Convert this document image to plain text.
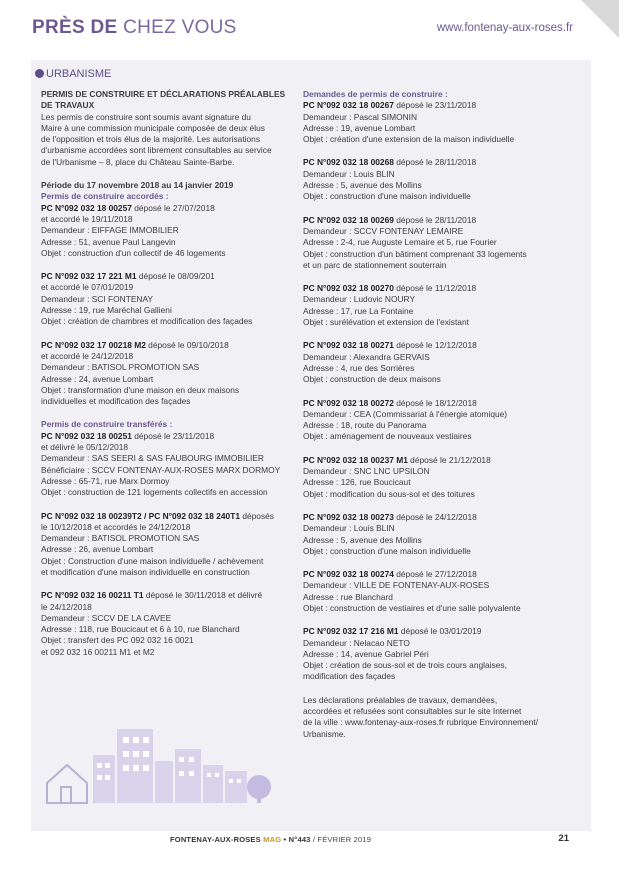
PRÈS DE CHEZ VOUS	www.fontenay-aux-roses.fr
URBANISME
PERMIS DE CONSTRUIRE ET DÉCLARATIONS PRÉALABLES
DE TRAVAUX
Les permis de construire sont soumis avant signature du
Maire à une commission municipale composée de deux élus
de l'opposition et trois élus de la majorité. Les autorisations
d'urbanisme accordées sont librement consultables au service
de l'Urbanisme – 8, place du Château Sainte-Barbe.
Période du 17 novembre 2018 au 14 janvier 2019
Permis de construire accordés :
PC N°092 032 18 00257 déposé le 27/07/2018
et accordé le 19/11/2018
Demandeur : EIFFAGE IMMOBILIER
Adresse : 51, avenue Paul Langevin
Objet : construction d'un collectif de 46 logements
PC N°092 032 17 221 M1 déposé le 08/09/201
et accordé le 07/01/2019
Demandeur : SCI FONTENAY
Adresse : 19, rue Maréchal Gallieni
Objet : création de chambres et modification des façades
PC N°092 032 17 00218 M2 déposé le 09/10/2018
et accordé le 24/12/2018
Demandeur : BATISOL PROMOTION SAS
Adresse : 24, avenue Lombart
Objet : transformation d'une maison en deux maisons
individuelles et modification des façades
Permis de construire transférés :
PC N°092 032 18 00251 déposé le 23/11/2018
et délivré le 05/12/2018
Demandeur : SAS SEERI & SAS FAUBOURG IMMOBILIER
Bénéficiaire : SCCV FONTENAY-AUX-ROSES MARX DORMOY
Adresse : 65-71, rue Marx Dormoy
Objet : construction de 121 logements collectifs en accession
PC N°092 032 18 00239T2 / PC N°092 032 18 240T1 déposés
le 10/12/2018 et accordés le 24/12/2018
Demandeur : BATISOL PROMOTION SAS
Adresse : 26, avenue Lombart
Objet : Construction d'une maison individuelle / achèvement
et modification d'une maison individuelle en construction
PC N°092 032 16 00211 T1 déposé le 30/11/2018 et délivré
le 24/12/2018
Demandeur : SCCV DE LA CAVEE
Adresse : 118, rue Boucicaut et 6 à 10, rue Blanchard
Objet : transfert des PC 092 032 16 0021
et 092 032 16 00211 M1 et M2
Demandes de permis de construire :
PC N°092 032 18 00267 déposé le 23/11/2018
Demandeur : Pascal SIMONIN
Adresse : 19, avenue Lombart
Objet : création d'une extension de la maison individuelle
PC N°092 032 18 00268 déposé le 28/11/2018
Demandeur : Louis BLIN
Adresse : 5, avenue des Mollins
Objet : construction d'une maison individuelle
PC N°092 032 18 00269 déposé le 28/11/2018
Demandeur : SCCV FONTENAY LEMAIRE
Adresse : 2-4, rue Auguste Lemaire et 5, rue Fourier
Objet : construction d'un bâtiment comprenant 33 logements
et un parc de stationnement souterrain
PC N°092 032 18 00270 déposé le 11/12/2018
Demandeur : Ludovic NOURY
Adresse : 17, rue La Fontaine
Objet : surélévation et extension de l'existant
PC N°092 032 18 00271 déposé le 12/12/2018
Demandeur : Alexandra GERVAIS
Adresse : 4, rue des Sorrières
Objet : construction de deux maisons
PC N°092 032 18 00272 déposé le 18/12/2018
Demandeur : CEA (Commissariat à l'énergie atomique)
Adresse : 18, route du Panorama
Objet : aménagement de nouveaux vestiaires
PC N°092 032 18 00237 M1 déposé le 21/12/2018
Demandeur : SNC LNC UPSILON
Adresse : 126, rue Boucicaut
Objet : modification du sous-sol et des toitures
PC N°092 032 18 00273 déposé le 24/12/2018
Demandeur : Louis BLIN
Adresse : 5, avenue des Mollins
Objet : construction d'une maison individuelle
PC N°092 032 18 00274 déposé le 27/12/2018
Demandeur : VILLE DE FONTENAY-AUX-ROSES
Adresse : rue Blanchard
Objet : construction de vestiaires et d'une salle polyvalente
PC N°092 032 17 216 M1 déposé le 03/01/2019
Demandeur : Nelacao NETO
Adresse : 14, avenue Gabriel Péri
Objet : création de sous-sol et de trois cours anglaises,
modification des façades
Les déclarations préalables de travaux, demandées,
accordées et refusées sont consultables sur le site Internet
de la ville : www.fontenay-aux-roses.fr rubrique Environnement/
Urbanisme.
FONTENAY-AUX-ROSES MAG • N°443 / FÉVRIER 2019	21
